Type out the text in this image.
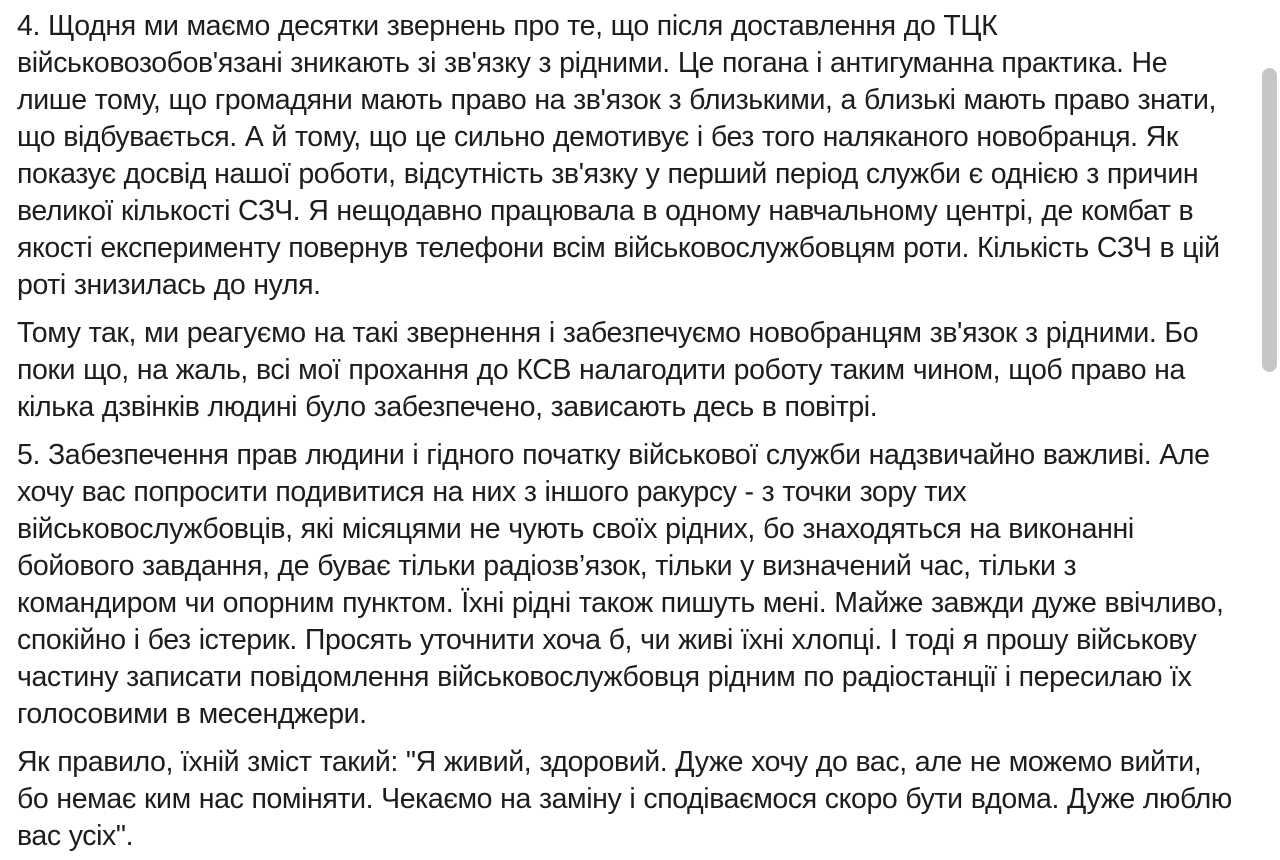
4. Щодня ми маємо десятки звернень про те, що після доставлення до ТЦК військовозобов'язані зникають зі зв'язку з рідними. Це погана і антигуманна практика. Не лише тому, що громадяни мають право на зв'язок з близькими, а близькі мають право знати, що відбувається. А й тому, що це сильно демотивує і без того наляканого новобранця. Як показує досвід нашої роботи, відсутність зв'язку у перший період служби є однією з причин великої кількості СЗЧ. Я нещодавно працювала в одному навчальному центрі, де комбат в якості експерименту повернув телефони всім військовослужбовцям роти. Кількість СЗЧ в цій роті знизилась до нуля.

Тому так, ми реагуємо на такі звернення і забезпечуємо новобранцям зв'язок з рідними. Бо поки що, на жаль, всі мої прохання до КСВ налагодити роботу таким чином, щоб право на кілька дзвінків людині було забезпечено, зависають десь в повітрі.

5. Забезпечення прав людини і гідного початку військової служби надзвичайно важливі. Але хочу вас попросити подивитися на них з іншого ракурсу - з точки зору тих військовослужбовців, які місяцями не чують своїх рідних, бо знаходяться на виконанні бойового завдання, де буває тільки радіозв’язок, тільки у визначений час, тільки з командиром чи опорним пунктом. Їхні рідні також пишуть мені. Майже завжди дуже ввічливо, спокійно і без істерик. Просять уточнити хоча б, чи живі їхні хлопці. І тоді я прошу військову частину записати повідомлення військовослужбовця рідним по радіостанції і пересилаю їх голосовими в месенджери.

Як правило, їхній зміст такий: "Я живий, здоровий. Дуже хочу до вас, але не можемо вийти, бо немає ким нас поміняти. Чекаємо на заміну і сподіваємося скоро бути вдома. Дуже люблю вас усіх".
